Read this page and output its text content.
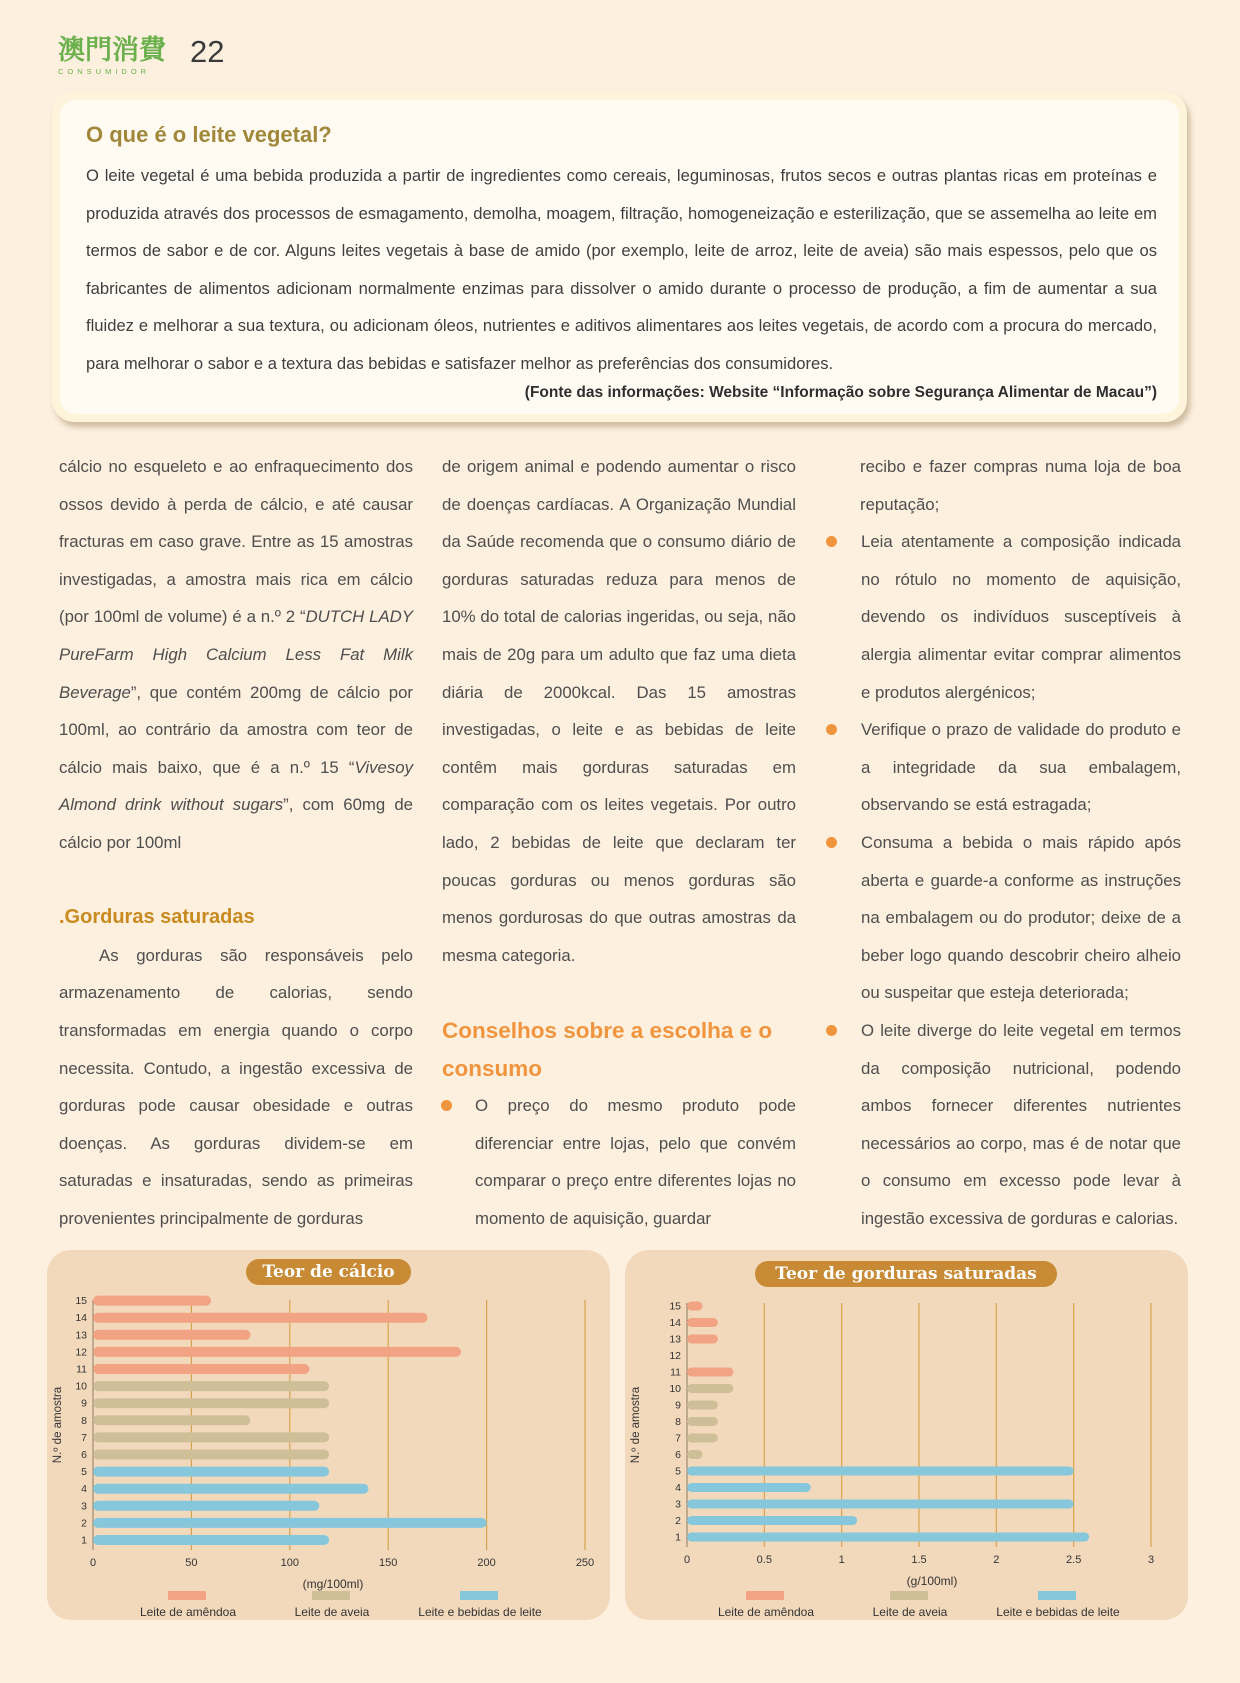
澳門消費
CONSUMIDOR
22
O que é o leite vegetal?
O leite vegetal é uma bebida produzida a partir de ingredientes como cereais, leguminosas, frutos secos e outras plantas ricas em proteínas e produzida através dos processos de esmagamento, demolha, moagem, filtração, homogeneização e esterilização, que se assemelha ao leite em termos de sabor e de cor. Alguns leites vegetais à base de amido (por exemplo, leite de arroz, leite de aveia) são mais espessos, pelo que os fabricantes de alimentos adicionam normalmente enzimas para dissolver o amido durante o processo de produção, a fim de aumentar a sua fluidez e melhorar a sua textura, ou adicionam óleos, nutrientes e aditivos alimentares aos leites vegetais, de acordo com a procura do mercado, para melhorar o sabor e a textura das bebidas e satisfazer melhor as preferências dos consumidores.
(Fonte das informações: Website “Informação sobre Segurança Alimentar de Macau”)

cálcio no esqueleto e ao enfraquecimento dos ossos devido à perda de cálcio, e até causar fracturas em caso grave. Entre as 15 amostras investigadas, a amostra mais rica em cálcio (por 100ml de volume) é a n.º 2 “DUTCH LADY PureFarm High Calcium Less Fat Milk Beverage”, que contém 200mg de cálcio por 100ml, ao contrário da amostra com teor de cálcio mais baixo, que é a n.º 15 “Vivesoy Almond drink without sugars”, com 60mg de cálcio por 100ml

.Gorduras saturadas

As gorduras são responsáveis pelo armazenamento de calorias, sendo transformadas em energia quando o corpo necessita. Contudo, a ingestão excessiva de gorduras pode causar obesidade e outras doenças. As gorduras dividem-se em saturadas e insaturadas, sendo as primeiras provenientes principalmente de gorduras

de origem animal e podendo aumentar o risco de doenças cardíacas. A Organização Mundial da Saúde recomenda que o consumo diário de gorduras saturadas reduza para menos de 10% do total de calorias ingeridas, ou seja, não mais de 20g para um adulto que faz uma dieta diária de 2000kcal. Das 15 amostras investigadas, o leite e as bebidas de leite contêm mais gorduras saturadas em comparação com os leites vegetais. Por outro lado, 2 bebidas de leite que declaram ter poucas gorduras ou menos gorduras são menos gordurosas do que outras amostras da mesma categoria.

Conselhos sobre a escolha e o consumo

O preço do mesmo produto pode diferenciar entre lojas, pelo que convém comparar o preço entre diferentes lojas no momento de aquisição, guardar

recibo e fazer compras numa loja de boa reputação;

Leia atentamente a composição indicada no rótulo no momento de aquisição, devendo os indivíduos susceptíveis à alergia alimentar evitar comprar alimentos e produtos alergénicos;

Verifique o prazo de validade do produto e a integridade da sua embalagem, observando se está estragada;

Consuma a bebida o mais rápido após aberta e guarde-a conforme as instruções na embalagem ou do produtor; deixe de a beber logo quando descobrir cheiro alheio ou suspeitar que esteja deteriorada;

O leite diverge do leite vegetal em termos da composição nutricional, podendo ambos fornecer diferentes nutrientes necessários ao corpo, mas é de notar que o consumo em excesso pode levar à ingestão excessiva de gorduras e calorias.

0	50	100	150	200	250
1
2
3
4
5
6
7
8
9
10
11
12
13
14
15
(mg/100ml)
N.º de amostra
Leite de amêndoa	Leite de aveia	Leite e bebidas de leite
Teor de cálcio
0	0.5	1	1.5	2	2.5	3
1
2
3
4
5
6
7
8
9
10
11
12
13
14
15
(g/100ml)
N.º de amostra
Leite de amêndoa	Leite de aveia	Leite e bebidas de leite
Teor de gorduras saturadas
